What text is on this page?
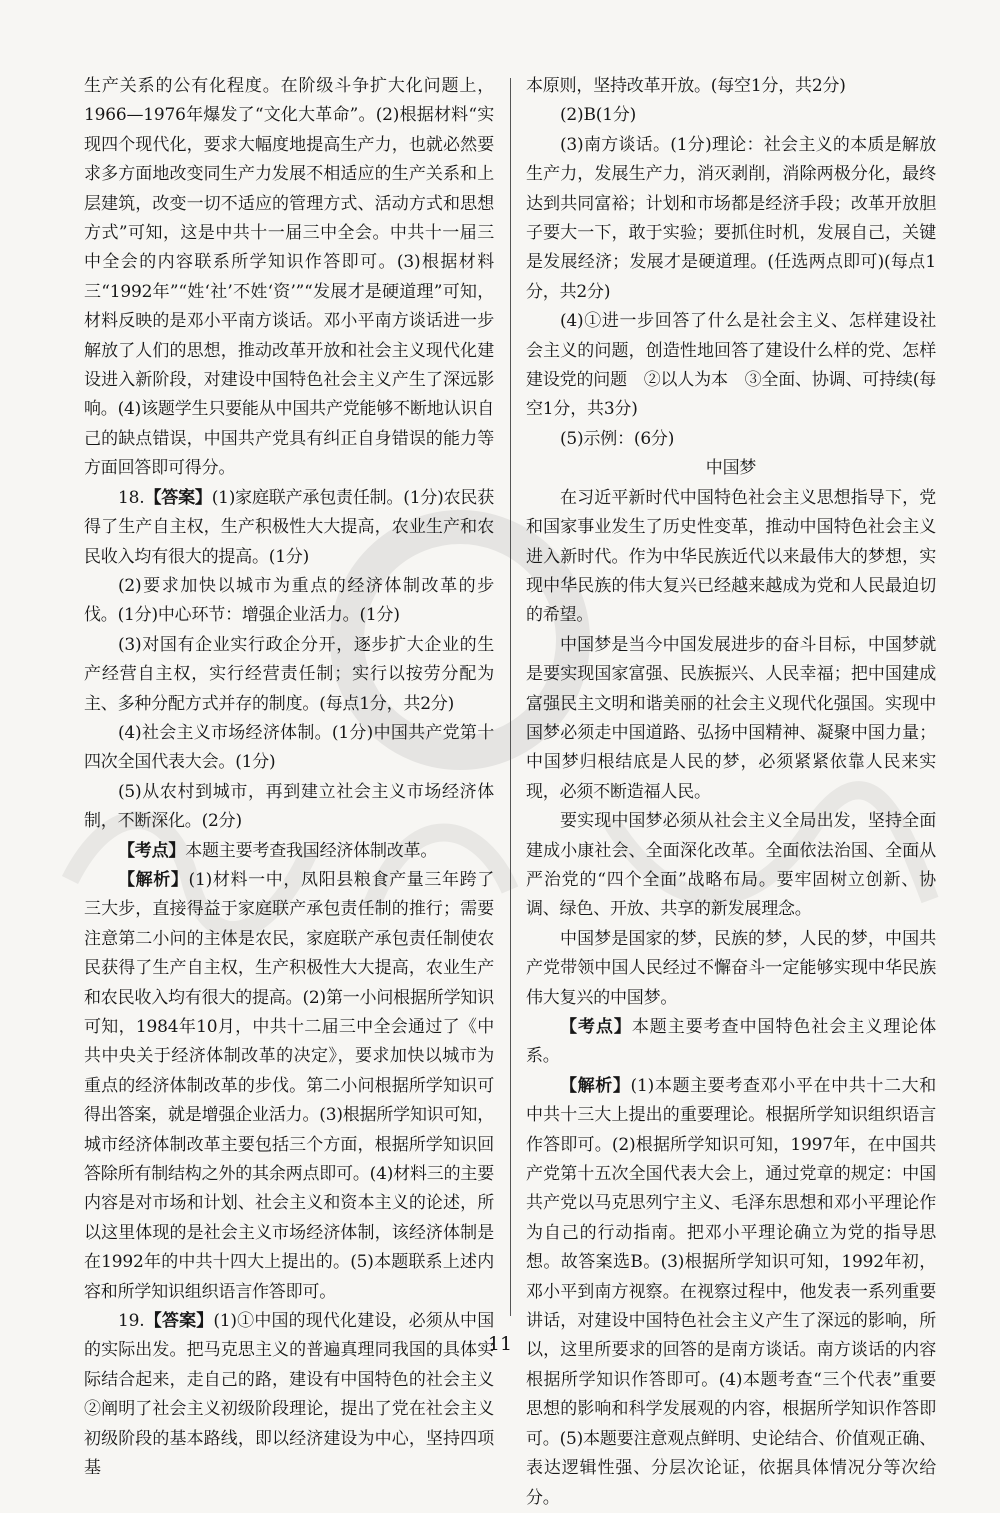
生产关系的公有化程度。在阶级斗争扩大化问题上，1966—1976年爆发了“文化大革命”。(2)根据材料“实现四个现代化，要求大幅度地提高生产力，也就必然要求多方面地改变同生产力发展不相适应的生产关系和上层建筑，改变一切不适应的管理方式、活动方式和思想方式”可知，这是中共十一届三中全会。中共十一届三中全会的内容联系所学知识作答即可。(3)根据材料三“1992年”“姓‘社’不姓‘资’”“发展才是硬道理”可知，材料反映的是邓小平南方谈话。邓小平南方谈话进一步解放了人们的思想，推动改革开放和社会主义现代化建设进入新阶段，对建设中国特色社会主义产生了深远影响。(4)该题学生只要能从中国共产党能够不断地认识自己的缺点错误，中国共产党具有纠正自身错误的能力等方面回答即可得分。

18.【答案】(1)家庭联产承包责任制。(1分)农民获得了生产自主权，生产积极性大大提高，农业生产和农民收入均有很大的提高。(1分)

(2)要求加快以城市为重点的经济体制改革的步伐。(1分)中心环节：增强企业活力。(1分)

(3)对国有企业实行政企分开，逐步扩大企业的生产经营自主权，实行经营责任制；实行以按劳分配为主、多种分配方式并存的制度。(每点1分，共2分)

(4)社会主义市场经济体制。(1分)中国共产党第十四次全国代表大会。(1分)

(5)从农村到城市，再到建立社会主义市场经济体制，不断深化。(2分)

【考点】本题主要考查我国经济体制改革。

【解析】(1)材料一中，凤阳县粮食产量三年跨了三大步，直接得益于家庭联产承包责任制的推行；需要注意第二小问的主体是农民，家庭联产承包责任制使农民获得了生产自主权，生产积极性大大提高，农业生产和农民收入均有很大的提高。(2)第一小问根据所学知识可知，1984年10月，中共十二届三中全会通过了《中共中央关于经济体制改革的决定》，要求加快以城市为重点的经济体制改革的步伐。第二小问根据所学知识可得出答案，就是增强企业活力。(3)根据所学知识可知，城市经济体制改革主要包括三个方面，根据所学知识回答除所有制结构之外的其余两点即可。(4)材料三的主要内容是对市场和计划、社会主义和资本主义的论述，所以这里体现的是社会主义市场经济体制，该经济体制是在1992年的中共十四大上提出的。(5)本题联系上述内容和所学知识组织语言作答即可。

19.【答案】(1)①中国的现代化建设，必须从中国的实际出发。把马克思主义的普遍真理同我国的具体实际结合起来，走自己的路，建设有中国特色的社会主义　②阐明了社会主义初级阶段理论，提出了党在社会主义初级阶段的基本路线，即以经济建设为中心，坚持四项基

本原则，坚持改革开放。(每空1分，共2分)

(2)B(1分)

(3)南方谈话。(1分)理论：社会主义的本质是解放生产力，发展生产力，消灭剥削，消除两极分化，最终达到共同富裕；计划和市场都是经济手段；改革开放胆子要大一下，敢于实验；要抓住时机，发展自己，关键是发展经济；发展才是硬道理。(任选两点即可)(每点1分，共2分)

(4)①进一步回答了什么是社会主义、怎样建设社会主义的问题，创造性地回答了建设什么样的党、怎样建设党的问题　②以人为本　③全面、协调、可持续(每空1分，共3分)

(5)示例：(6分)

中国梦

在习近平新时代中国特色社会主义思想指导下，党和国家事业发生了历史性变革，推动中国特色社会主义进入新时代。作为中华民族近代以来最伟大的梦想，实现中华民族的伟大复兴已经越来越成为党和人民最迫切的希望。

中国梦是当今中国发展进步的奋斗目标，中国梦就是要实现国家富强、民族振兴、人民幸福；把中国建成富强民主文明和谐美丽的社会主义现代化强国。实现中国梦必须走中国道路、弘扬中国精神、凝聚中国力量；中国梦归根结底是人民的梦，必须紧紧依靠人民来实现，必须不断造福人民。

要实现中国梦必须从社会主义全局出发，坚持全面建成小康社会、全面深化改革。全面依法治国、全面从严治党的“四个全面”战略布局。要牢固树立创新、协调、绿色、开放、共享的新发展理念。

中国梦是国家的梦，民族的梦，人民的梦，中国共产党带领中国人民经过不懈奋斗一定能够实现中华民族伟大复兴的中国梦。

【考点】本题主要考查中国特色社会主义理论体系。

【解析】(1)本题主要考查邓小平在中共十二大和中共十三大上提出的重要理论。根据所学知识组织语言作答即可。(2)根据所学知识可知，1997年，在中国共产党第十五次全国代表大会上，通过党章的规定：中国共产党以马克思列宁主义、毛泽东思想和邓小平理论作为自己的行动指南。把邓小平理论确立为党的指导思想。故答案选B。(3)根据所学知识可知，1992年初，邓小平到南方视察。在视察过程中，他发表一系列重要讲话，对建设中国特色社会主义产生了深远的影响，所以，这里所要求的回答的是南方谈话。南方谈话的内容根据所学知识作答即可。(4)本题考查“三个代表”重要思想的影响和科学发展观的内容，根据所学知识作答即可。(5)本题要注意观点鲜明、史论结合、价值观正确、表达逻辑性强、分层次论证，依据具体情况分等次给分。

11
